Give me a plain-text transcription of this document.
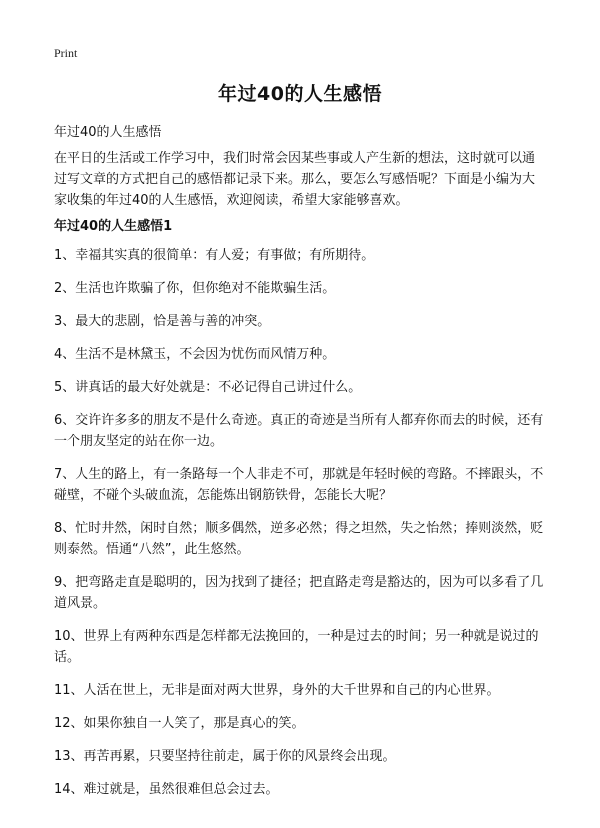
Print
年过40的人生感悟
年过40的人生感悟
在平日的生活或工作学习中，我们时常会因某些事或人产生新的想法，这时就可以通过写文章的方式把自己的感悟都记录下来。那么，要怎么写感悟呢？下面是小编为大家收集的年过40的人生感悟，欢迎阅读，希望大家能够喜欢。
年过40的人生感悟1
1、幸福其实真的很简单：有人爱；有事做；有所期待。
2、生活也许欺骗了你，但你绝对不能欺骗生活。
3、最大的悲剧，恰是善与善的冲突。
4、生活不是林黛玉，不会因为忧伤而风情万种。
5、讲真话的最大好处就是：不必记得自己讲过什么。
6、交许许多多的朋友不是什么奇迹。真正的奇迹是当所有人都弃你而去的时候，还有一个朋友坚定的站在你一边。
7、人生的路上，有一条路每一个人非走不可，那就是年轻时候的弯路。不摔跟头，不碰壁，不碰个头破血流，怎能炼出钢筋铁骨，怎能长大呢？
8、忙时井然，闲时自然；顺多偶然，逆多必然；得之坦然，失之怡然；捧则淡然，贬则泰然。悟通“八然”，此生悠然。
9、把弯路走直是聪明的，因为找到了捷径；把直路走弯是豁达的，因为可以多看了几道风景。
10、世界上有两种东西是怎样都无法挽回的，一种是过去的时间；另一种就是说过的话。
11、人活在世上，无非是面对两大世界，身外的大千世界和自己的内心世界。
12、如果你独自一人笑了，那是真心的笑。
13、再苦再累，只要坚持往前走，属于你的风景终会出现。
14、难过就是，虽然很难但总会过去。
